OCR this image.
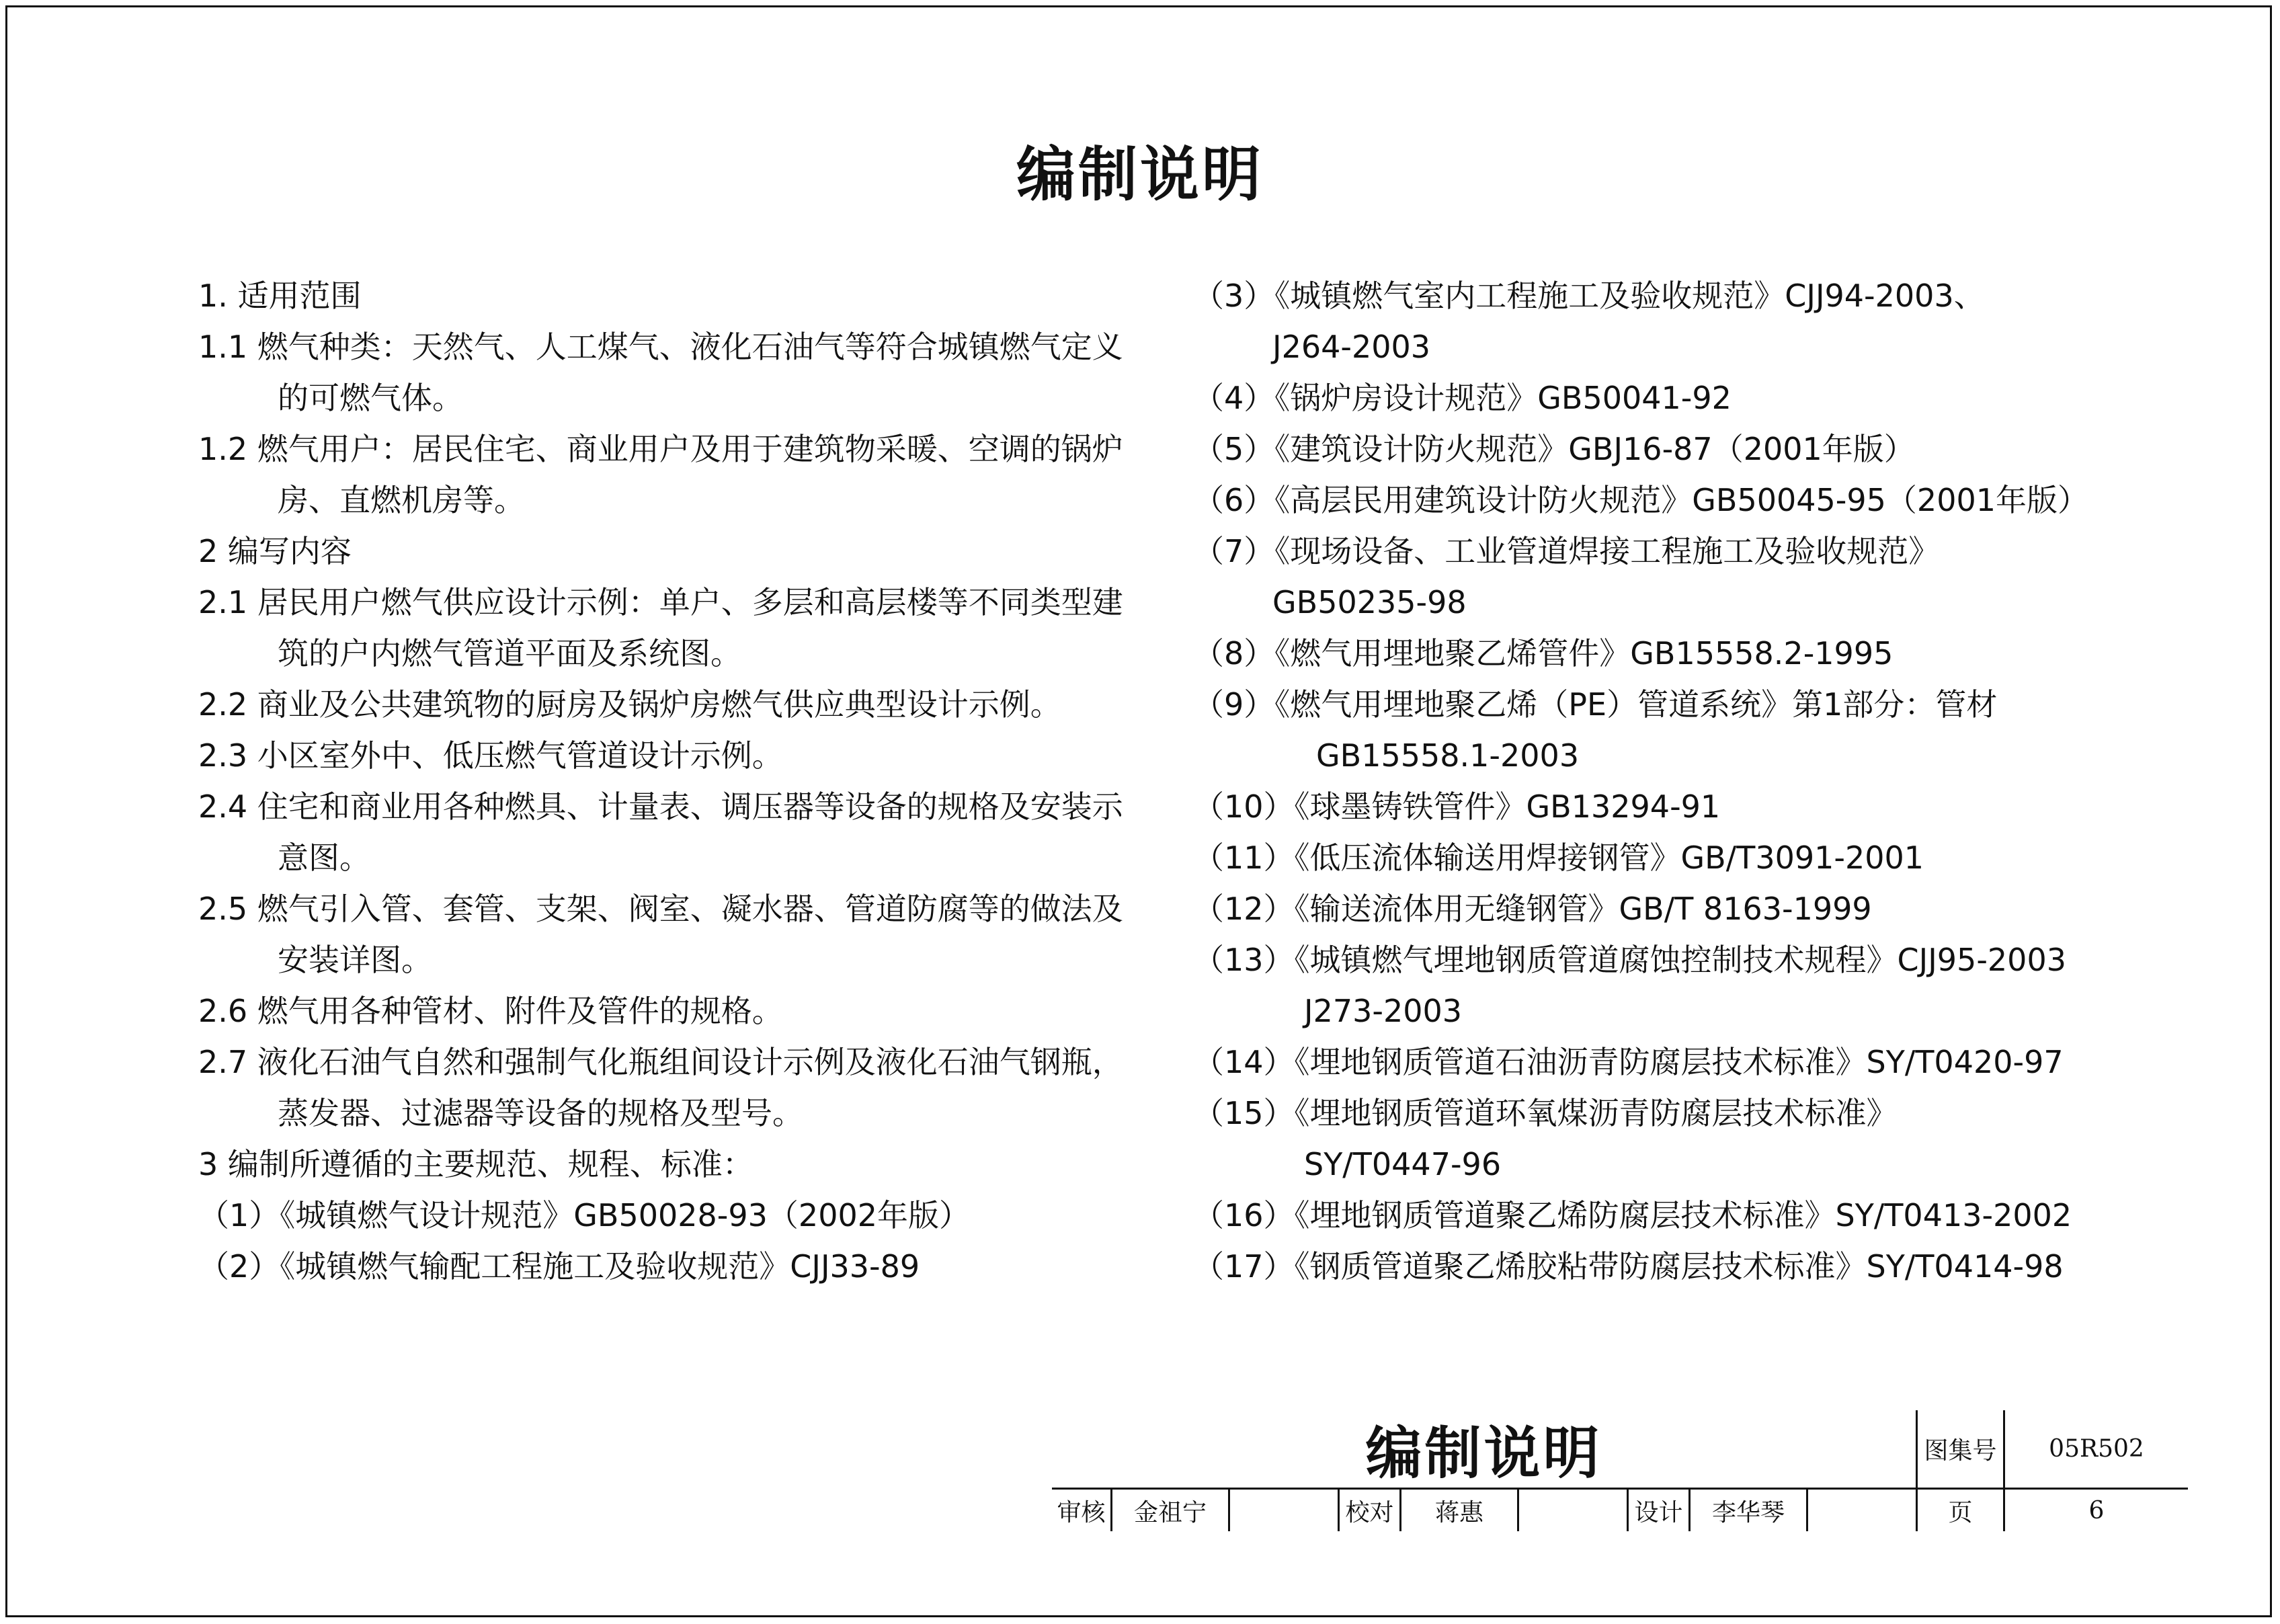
编制说明
1. 适用范围
1.1 燃气种类：天然气、人工煤气、液化石油气等符合城镇燃气定义
的可燃气体。
1.2 燃气用户：居民住宅、商业用户及用于建筑物采暖、空调的锅炉
房、直燃机房等。
2 编写内容
2.1 居民用户燃气供应设计示例：单户、多层和高层楼等不同类型建
筑的户内燃气管道平面及系统图。
2.2 商业及公共建筑物的厨房及锅炉房燃气供应典型设计示例。
2.3 小区室外中、低压燃气管道设计示例。
2.4 住宅和商业用各种燃具、计量表、调压器等设备的规格及安装示
意图。
2.5 燃气引入管、套管、支架、阀室、凝水器、管道防腐等的做法及
安装详图。
2.6 燃气用各种管材、附件及管件的规格。
2.7 液化石油气自然和强制气化瓶组间设计示例及液化石油气钢瓶，
蒸发器、过滤器等设备的规格及型号。
3 编制所遵循的主要规范、规程、标准：
（1）《城镇燃气设计规范》GB50028-93（2002年版）
（2）《城镇燃气输配工程施工及验收规范》CJJ33-89
（3）《城镇燃气室内工程施工及验收规范》CJJ94-2003、
J264-2003
（4）《锅炉房设计规范》GB50041-92
（5）《建筑设计防火规范》GBJ16-87（2001年版）
（6）《高层民用建筑设计防火规范》GB50045-95（2001年版）
（7）《现场设备、工业管道焊接工程施工及验收规范》
GB50235-98
（8）《燃气用埋地聚乙烯管件》GB15558.2-1995
（9）《燃气用埋地聚乙烯（PE）管道系统》第1部分：管材
GB15558.1-2003
（10）《球墨铸铁管件》GB13294-91
（11）《低压流体输送用焊接钢管》GB/T3091-2001
（12）《输送流体用无缝钢管》GB/T 8163-1999
（13）《城镇燃气埋地钢质管道腐蚀控制技术规程》CJJ95-2003
J273-2003
（14）《埋地钢质管道石油沥青防腐层技术标准》SY/T0420-97
（15）《埋地钢质管道环氧煤沥青防腐层技术标准》
SY/T0447-96
（16）《埋地钢质管道聚乙烯防腐层技术标准》SY/T0413-2002
（17）《钢质管道聚乙烯胶粘带防腐层技术标准》SY/T0414-98
编制说明	图集号	05R502
审核	金祖宁	校对	蒋惠	设计	李华琴	页	6
